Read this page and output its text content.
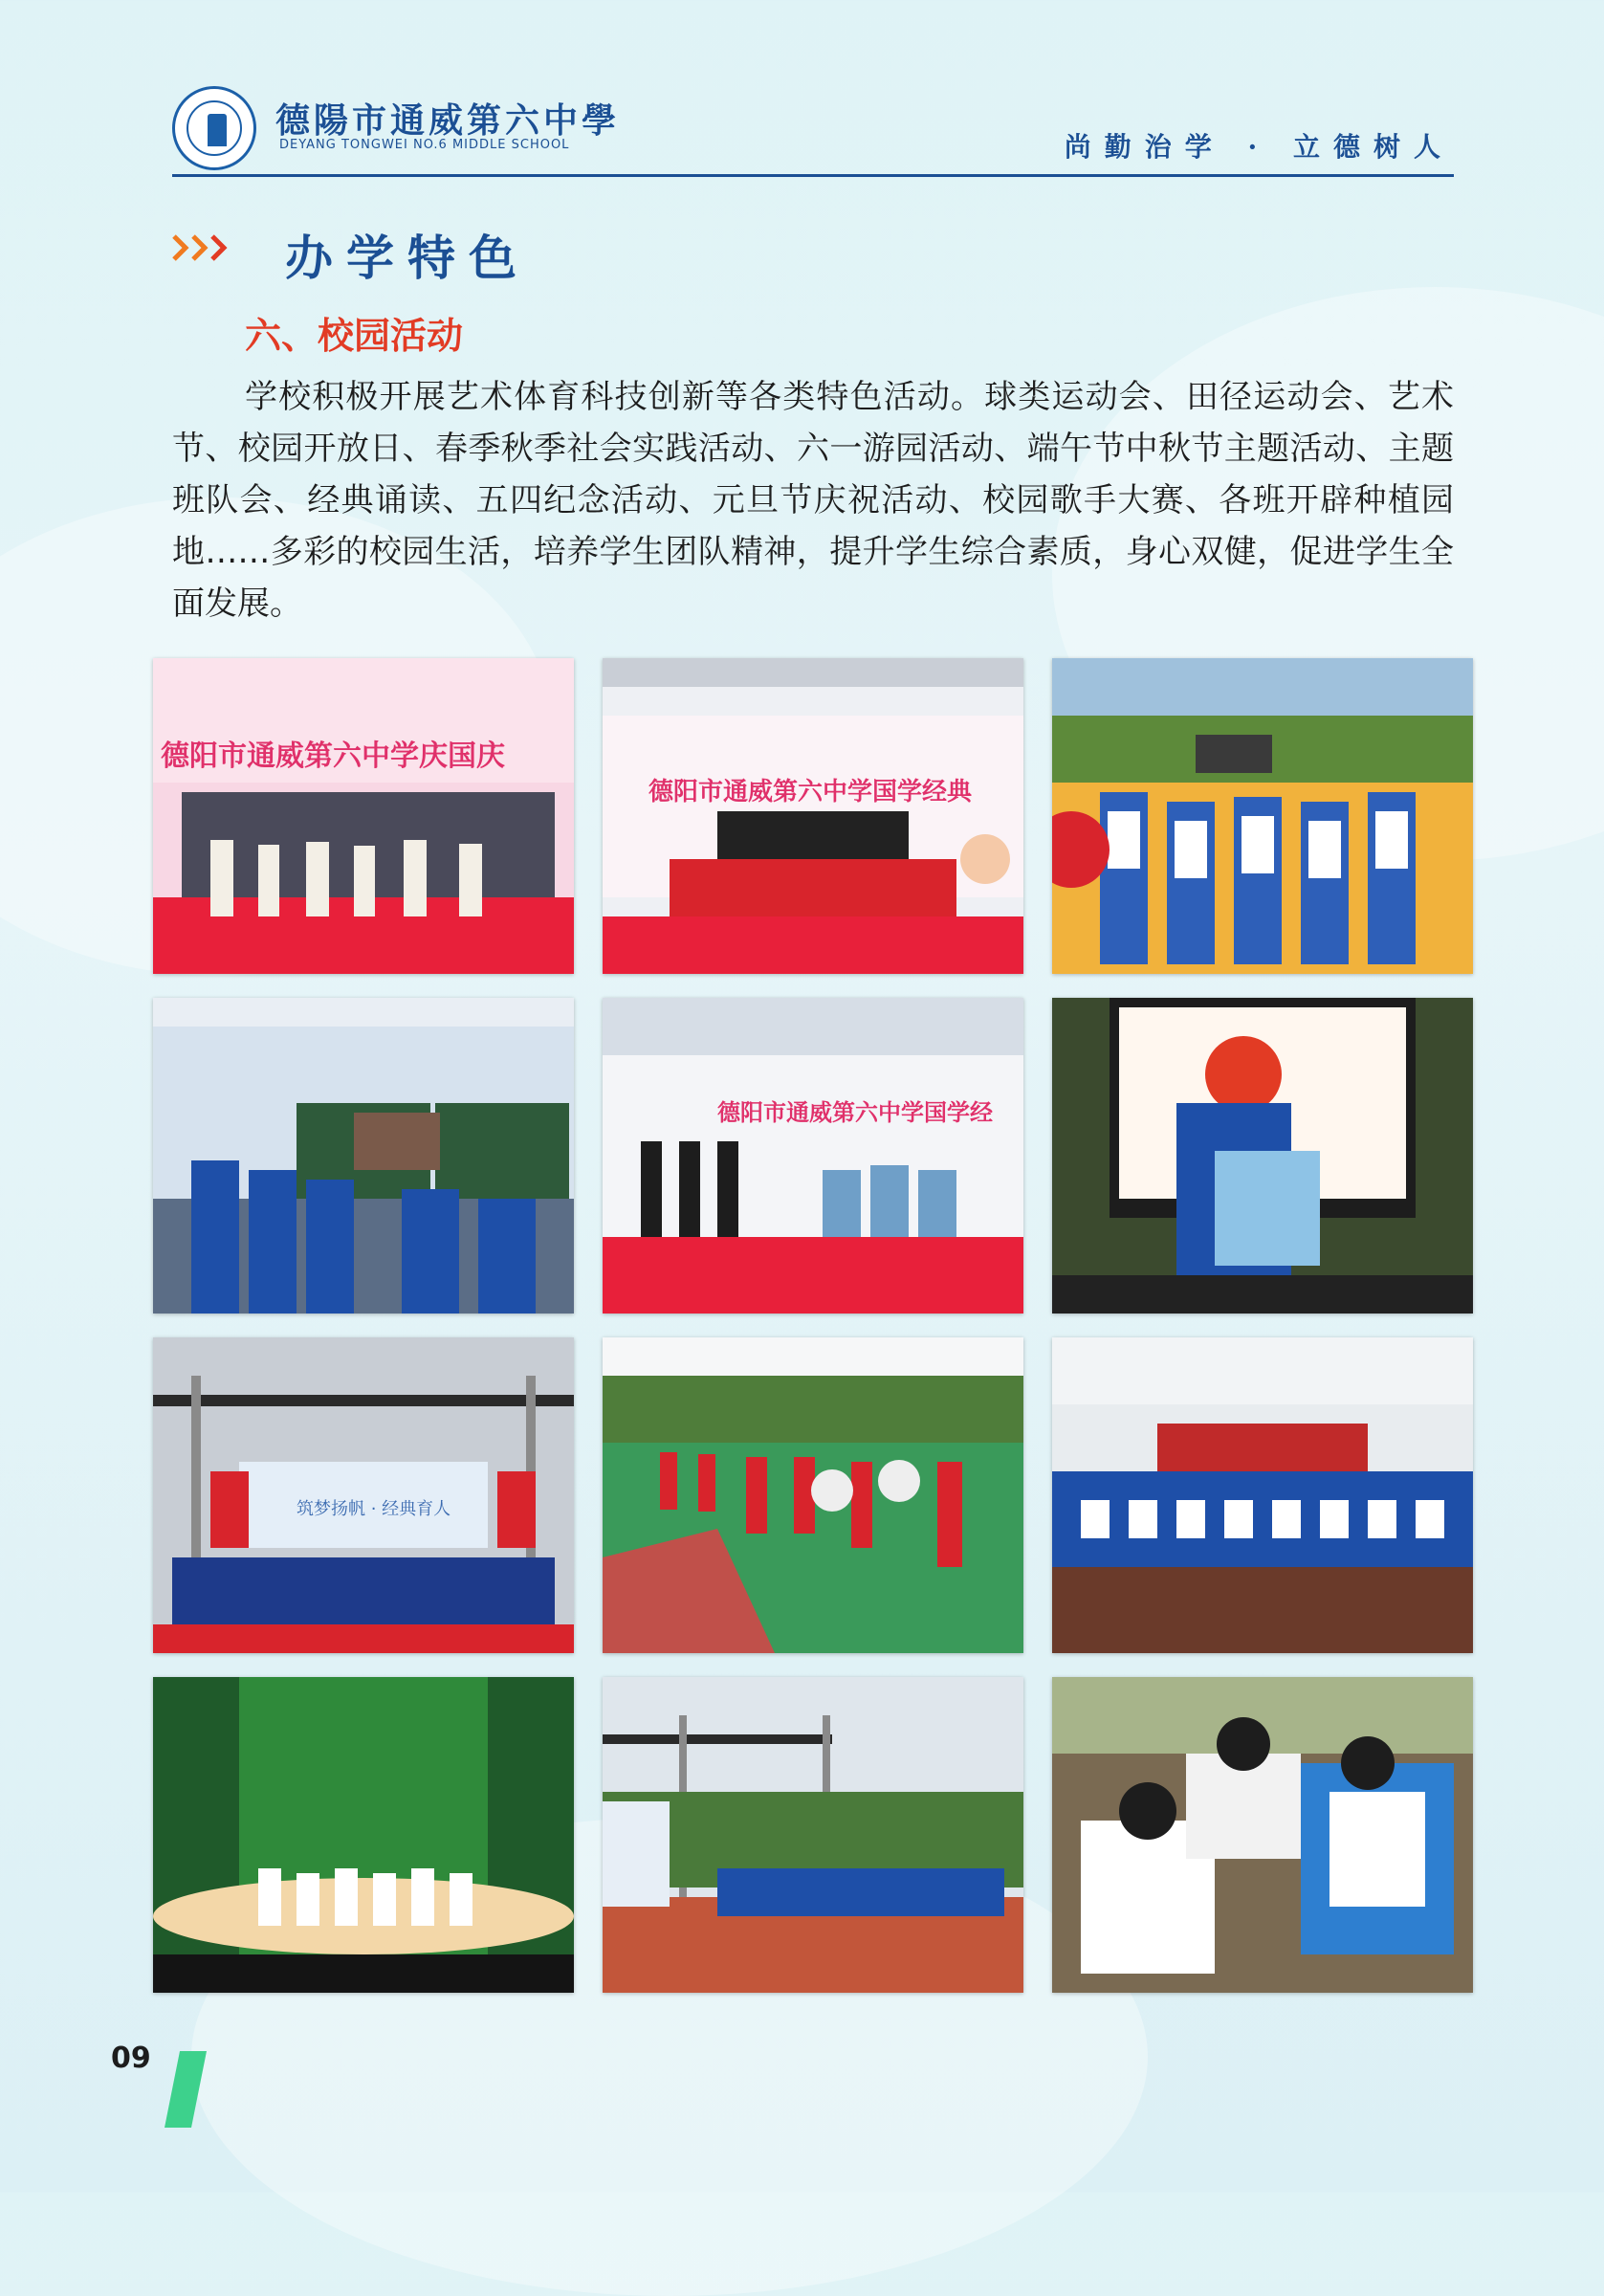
德陽市通威第六中學
DEYANG TONGWEI NO.6 MIDDLE SCHOOL	尚勤治学 · 立德树人
办学特色
六、校园活动
学校积极开展艺术体育科技创新等各类特色活动。球类运动会、田径运动会、艺术节、校园开放日、春季秋季社会实践活动、六一游园活动、端午节中秋节主题活动、主题班队会、经典诵读、五四纪念活动、元旦节庆祝活动、校园歌手大赛、各班开辟种植园地……多彩的校园生活，培养学生团队精神，提升学生综合素质，身心双健，促进学生全面发展。
德阳市通威第六中学庆国庆
德阳市通威第六中学国学经典
德阳市通威第六中学国学经
筑梦扬帆 · 经典育人
09
